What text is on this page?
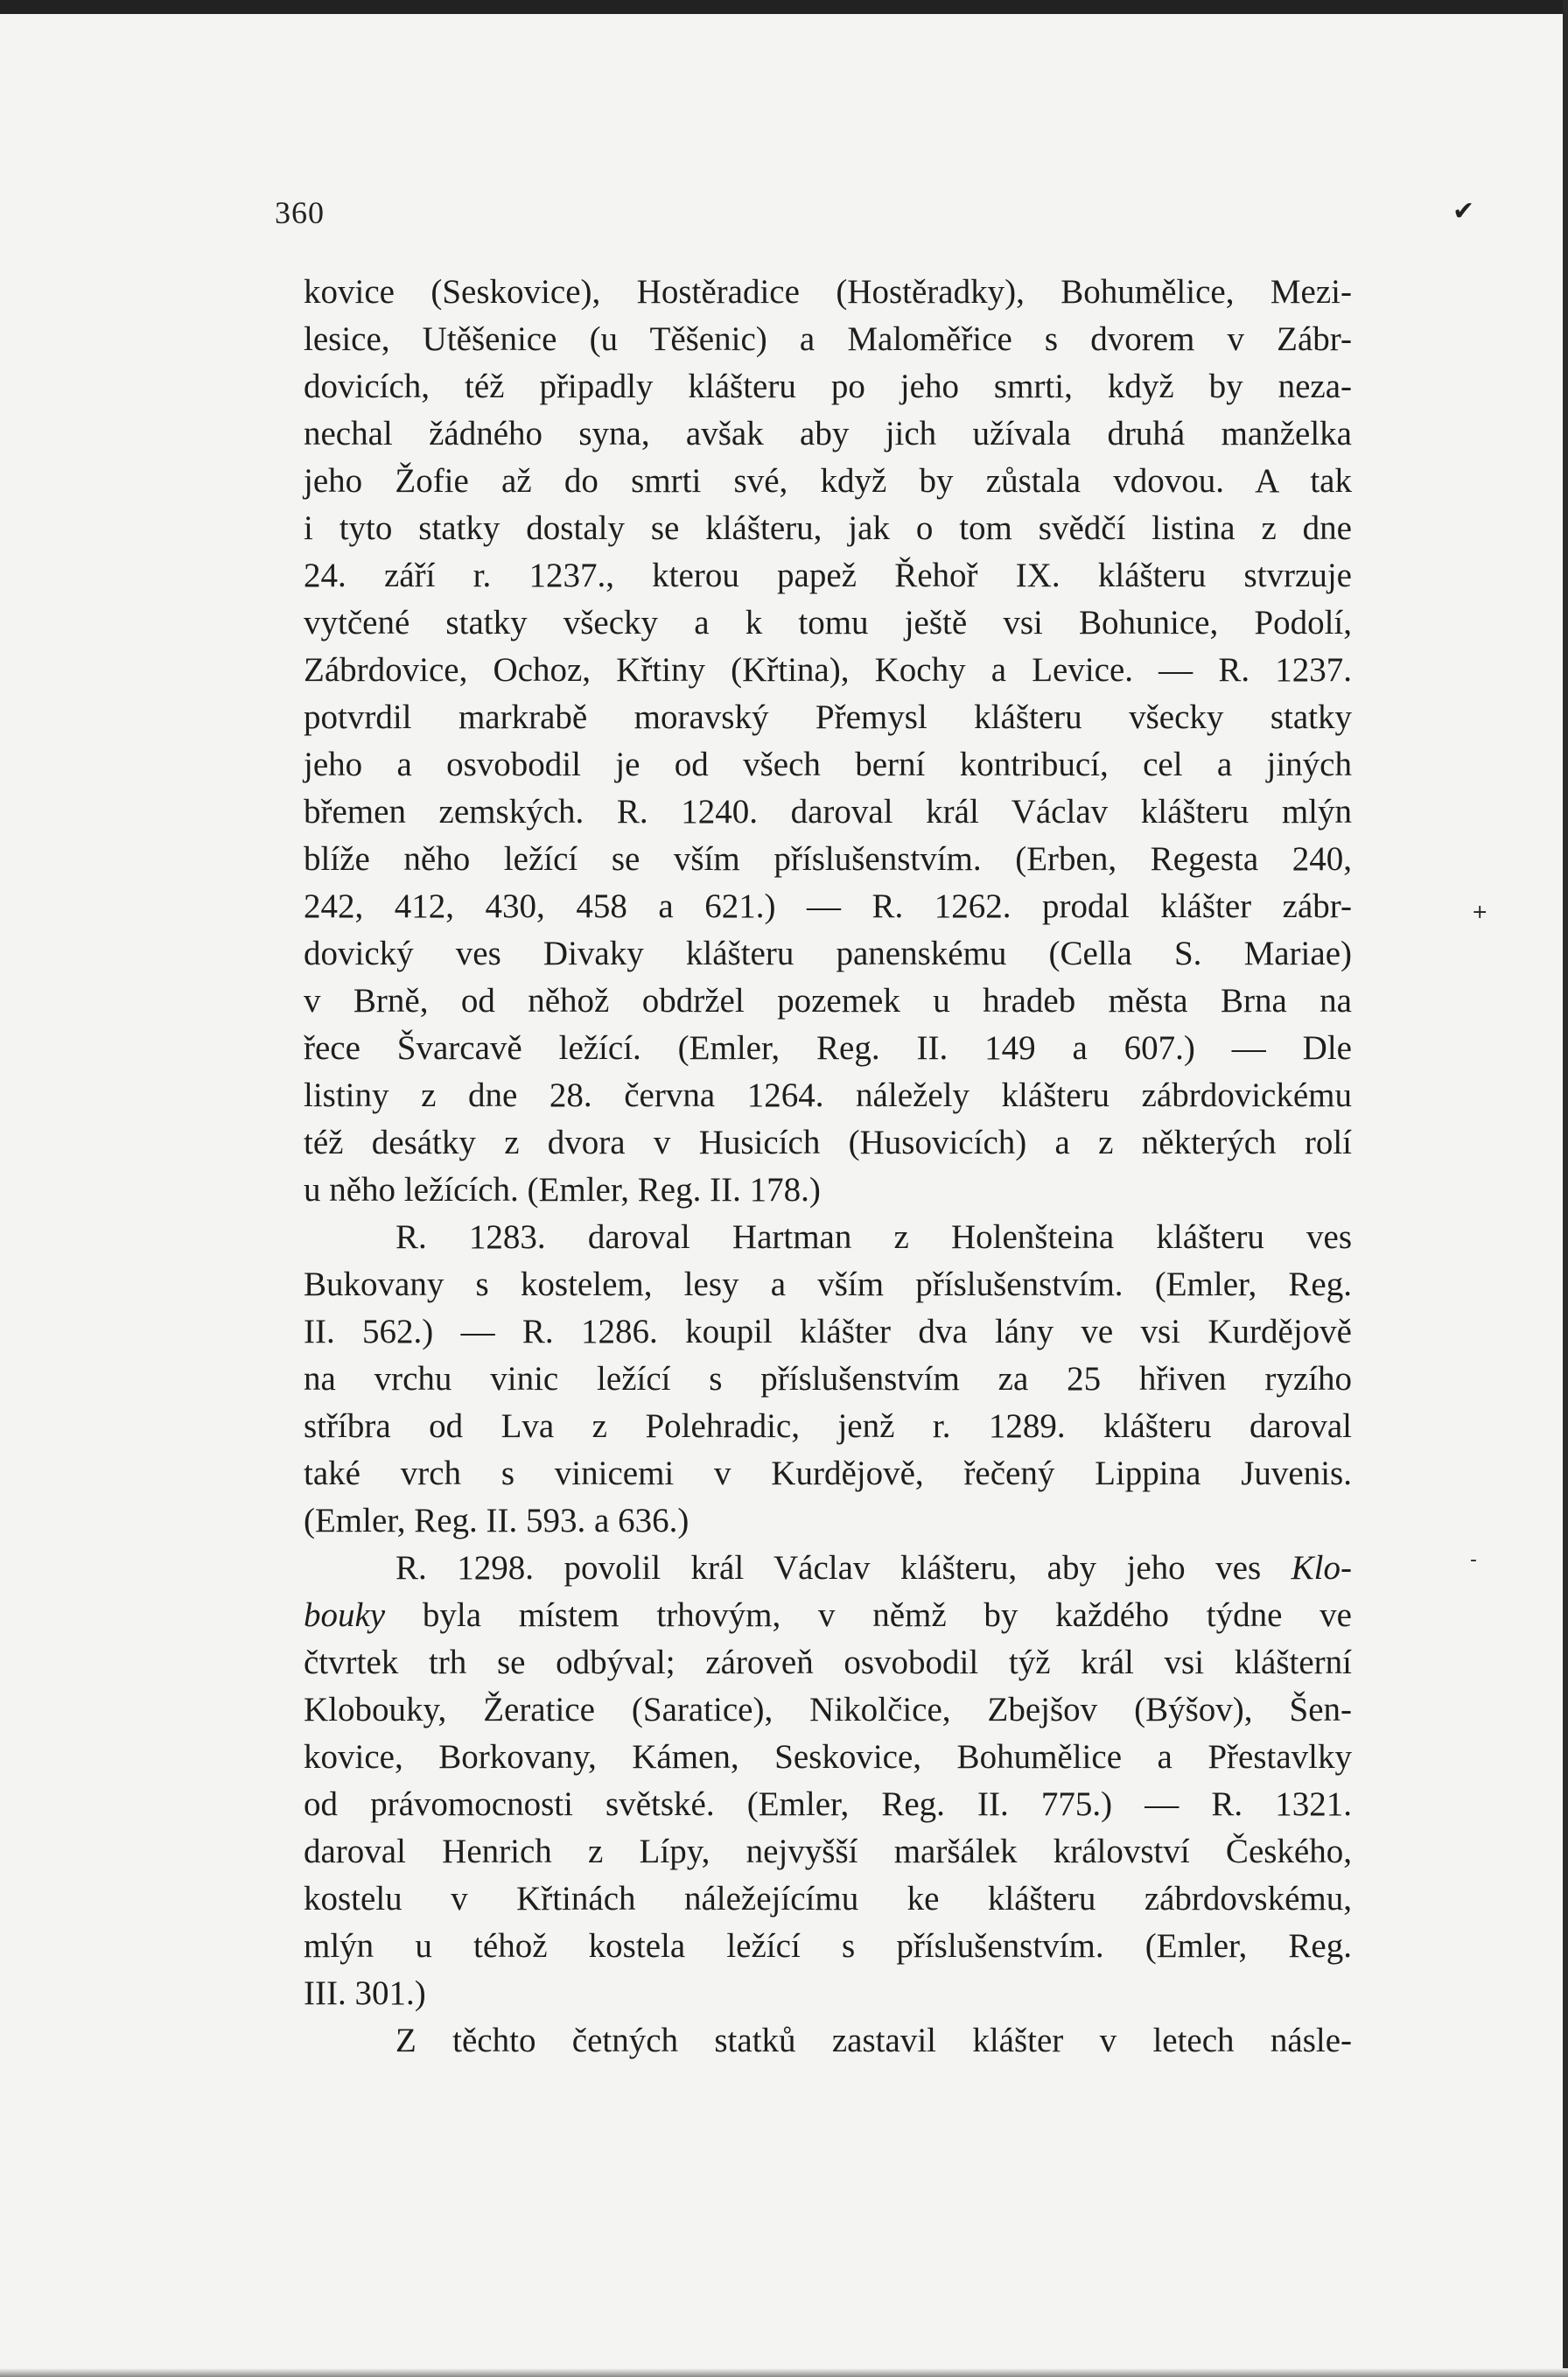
360	✔
+
-
kovice (Seskovice), Hostěradice (Hostěradky), Bohumělice, Mezi-
lesice, Utěšenice (u Těšenic) a Maloměřice s dvorem v Zábr-
dovicích, též připadly klášteru po jeho smrti, když by neza-
nechal žádného syna, avšak aby jich užívala druhá manželka
jeho Žofie až do smrti své, když by zůstala vdovou. A tak
i tyto statky dostaly se klášteru, jak o tom svědčí listina z dne
24. září r. 1237., kterou papež Řehoř IX. klášteru stvrzuje
vytčené statky všecky a k tomu ještě vsi Bohunice, Podolí,
Zábrdovice, Ochoz, Křtiny (Křtina), Kochy a Levice. — R. 1237.
potvrdil markrabě moravský Přemysl klášteru všecky statky
jeho a osvobodil je od všech berní kontribucí, cel a jiných
břemen zemských. R. 1240. daroval král Václav klášteru mlýn
blíže něho ležící se vším příslušenstvím. (Erben, Regesta 240,
242, 412, 430, 458 a 621.) — R. 1262. prodal klášter zábr-
dovický ves Divaky klášteru panenskému (Cella S. Mariae)
v Brně, od něhož obdržel pozemek u hradeb města Brna na
řece Švarcavě ležící. (Emler, Reg. II. 149 a 607.) — Dle
listiny z dne 28. června 1264. náležely klášteru zábrdovickému
též desátky z dvora v Husicích (Husovicích) a z některých rolí
u něho ležících. (Emler, Reg. II. 178.)
R. 1283. daroval Hartman z Holenšteina klášteru ves
Bukovany s kostelem, lesy a vším příslušenstvím. (Emler, Reg.
II. 562.) — R. 1286. koupil klášter dva lány ve vsi Kurdějově
na vrchu vinic ležící s příslušenstvím za 25 hřiven ryzího
stříbra od Lva z Polehradic, jenž r. 1289. klášteru daroval
také vrch s vinicemi v Kurdějově, řečený Lippina Juvenis.
(Emler, Reg. II. 593. a 636.)
R. 1298. povolil král Václav klášteru, aby jeho ves Klo-
bouky byla místem trhovým, v němž by každého týdne ve
čtvrtek trh se odbýval; zároveň osvobodil týž král vsi klášterní
Klobouky, Žeratice (Saratice), Nikolčice, Zbejšov (Býšov), Šen-
kovice, Borkovany, Kámen, Seskovice, Bohumělice a Přestavlky
od právomocnosti světské. (Emler, Reg. II. 775.) — R. 1321.
daroval Henrich z Lípy, nejvyšší maršálek království Českého,
kostelu v Křtinách náležejícímu ke klášteru zábrdovskému,
mlýn u téhož kostela ležící s příslušenstvím. (Emler, Reg.
III. 301.)
Z těchto četných statků zastavil klášter v letech násle-
